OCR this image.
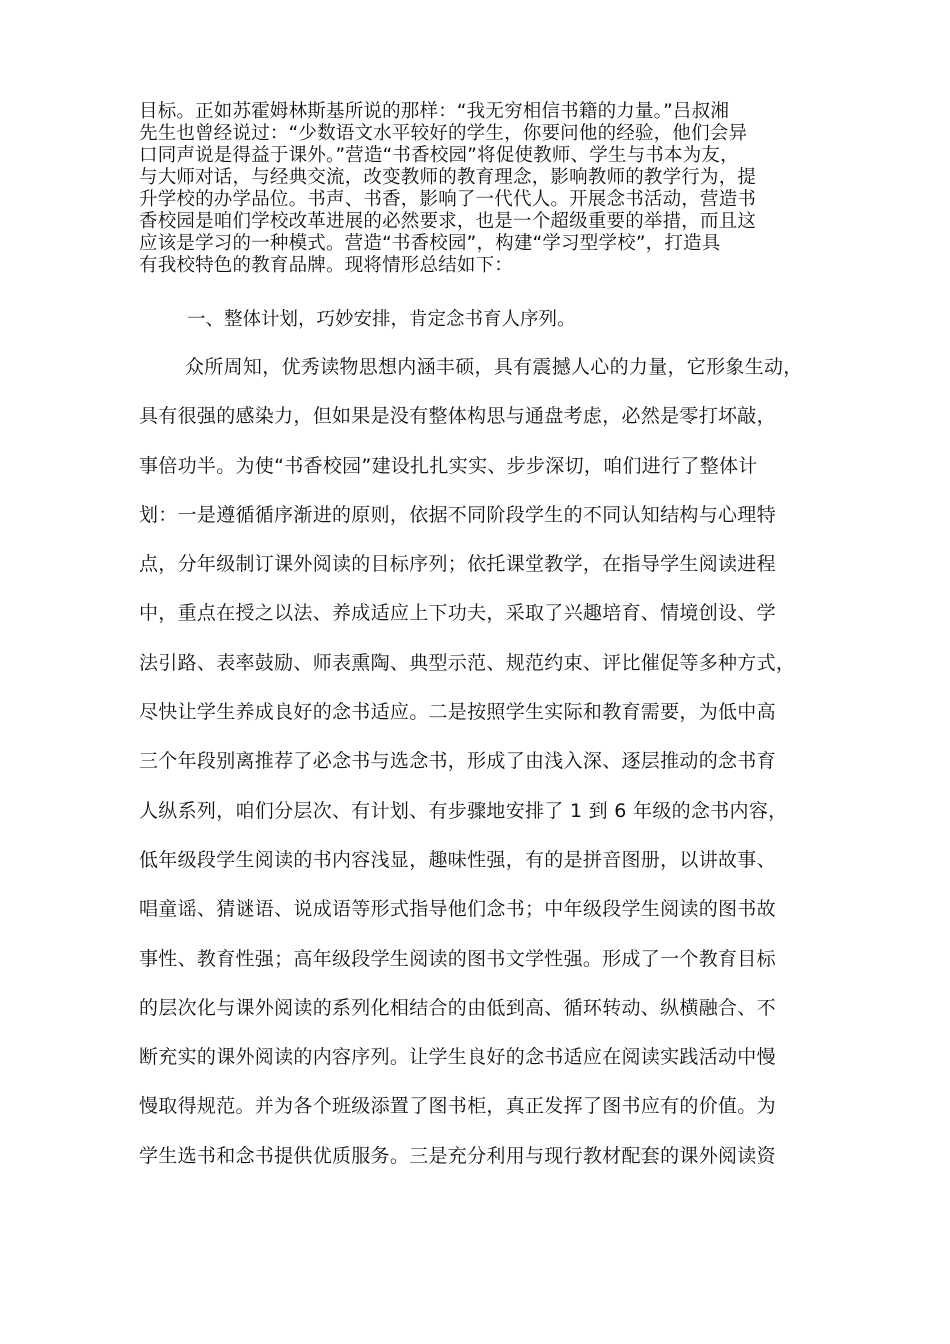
目标。正如苏霍姆林斯基所说的那样：“我无穷相信书籍的力量。”吕叔湘
先生也曾经说过：“少数语文水平较好的学生，你要问他的经验，他们会异
口同声说是得益于课外。”营造“书香校园”将促使教师、学生与书本为友，
与大师对话，与经典交流，改变教师的教育理念，影响教师的教学行为，提
升学校的办学品位。书声、书香，影响了一代代人。开展念书活动，营造书
香校园是咱们学校改革进展的必然要求，也是一个超级重要的举措，而且这
应该是学习的一种模式。营造“书香校园”，构建“学习型学校”，打造具
有我校特色的教育品牌。现将情形总结如下：
一、整体计划，巧妙安排，肯定念书育人序列。
众所周知，优秀读物思想内涵丰硕，具有震撼人心的力量，它形象生动，
具有很强的感染力，但如果是没有整体构思与通盘考虑，必然是零打坏敲，
事倍功半。为使“书香校园”建设扎扎实实、步步深切，咱们进行了整体计
划：一是遵循循序渐进的原则，依据不同阶段学生的不同认知结构与心理特
点，分年级制订课外阅读的目标序列；依托课堂教学，在指导学生阅读进程
中，重点在授之以法、养成适应上下功夫，采取了兴趣培育、情境创设、学
法引路、表率鼓励、师表熏陶、典型示范、规范约束、评比催促等多种方式，
尽快让学生养成良好的念书适应。二是按照学生实际和教育需要，为低中高
三个年段别离推荐了必念书与选念书，形成了由浅入深、逐层推动的念书育
人纵系列，咱们分层次、有计划、有步骤地安排了 1 到 6 年级的念书内容，
低年级段学生阅读的书内容浅显，趣味性强，有的是拼音图册，以讲故事、
唱童谣、猜谜语、说成语等形式指导他们念书；中年级段学生阅读的图书故
事性、教育性强；高年级段学生阅读的图书文学性强。形成了一个教育目标
的层次化与课外阅读的系列化相结合的由低到高、循环转动、纵横融合、不
断充实的课外阅读的内容序列。让学生良好的念书适应在阅读实践活动中慢
慢取得规范。并为各个班级添置了图书柜，真正发挥了图书应有的价值。为
学生选书和念书提供优质服务。三是充分利用与现行教材配套的课外阅读资
